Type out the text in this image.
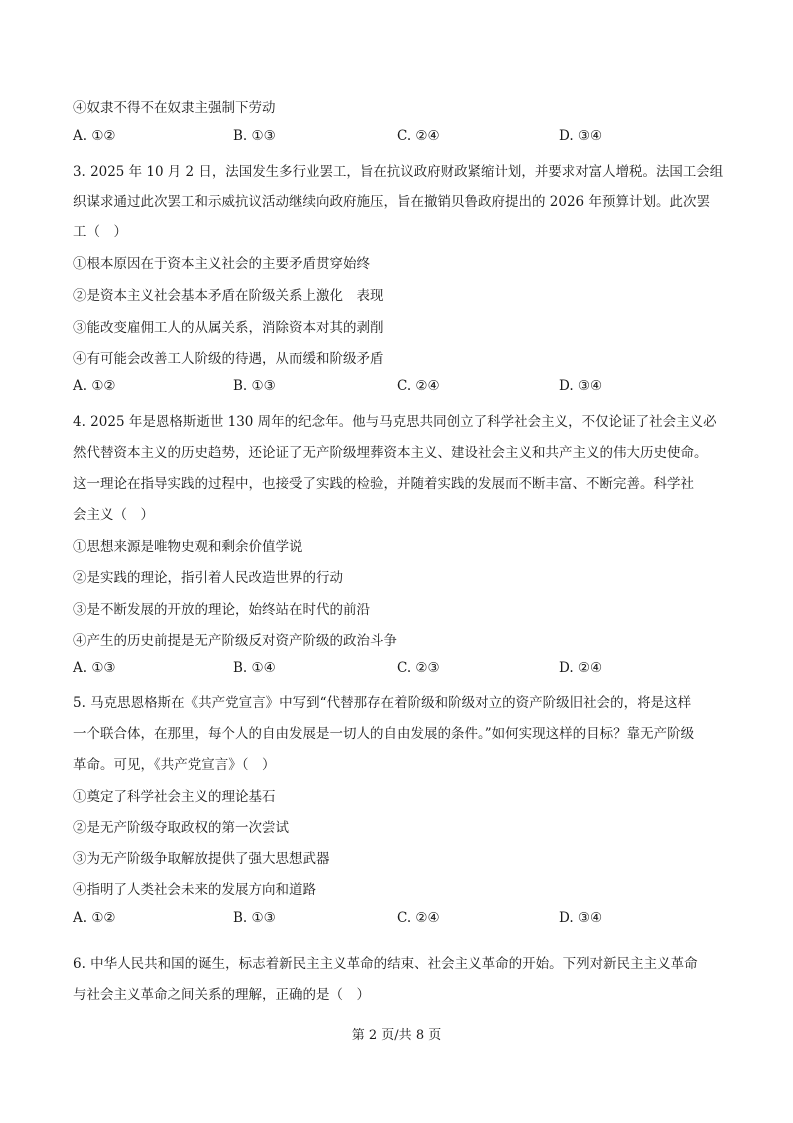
④奴隶不得不在奴隶主强制下劳动
A. ①②	B. ①③	C. ②④	D. ③④
3. 2025 年 10 月 2 日，法国发生多行业罢工，旨在抗议政府财政紧缩计划，并要求对富人增税。法国工会组
织谋求通过此次罢工和示威抗议活动继续向政府施压，旨在撤销贝鲁政府提出的 2026 年预算计划。此次罢
工（　）
①根本原因在于资本主义社会的主要矛盾贯穿始终
②是资本主义社会基本矛盾在阶级关系上激化　表现
③能改变雇佣工人的从属关系，消除资本对其的剥削
④有可能会改善工人阶级的待遇，从而缓和阶级矛盾
A. ①②	B. ①③	C. ②④	D. ③④
4. 2025 年是恩格斯逝世 130 周年的纪念年。他与马克思共同创立了科学社会主义，不仅论证了社会主义必
然代替资本主义的历史趋势，还论证了无产阶级埋葬资本主义、建设社会主义和共产主义的伟大历史使命。
这一理论在指导实践的过程中，也接受了实践的检验，并随着实践的发展而不断丰富、不断完善。科学社
会主义（　）
①思想来源是唯物史观和剩余价值学说
②是实践的理论，指引着人民改造世界的行动
③是不断发展的开放的理论，始终站在时代的前沿
④产生的历史前提是无产阶级反对资产阶级的政治斗争
A. ①③	B. ①④	C. ②③	D. ②④
5. 马克思恩格斯在《共产党宣言》中写到“代替那存在着阶级和阶级对立的资产阶级旧社会的，将是这样
一个联合体，在那里，每个人的自由发展是一切人的自由发展的条件。”如何实现这样的目标？靠无产阶级
革命。可见，《共产党宣言》（　）
①奠定了科学社会主义的理论基石
②是无产阶级夺取政权的第一次尝试
③为无产阶级争取解放提供了强大思想武器
④指明了人类社会未来的发展方向和道路
A. ①②	B. ①③	C. ②④	D. ③④
6. 中华人民共和国的诞生，标志着新民主主义革命的结束、社会主义革命的开始。下列对新民主主义革命
与社会主义革命之间关系的理解，正确的是（　）
第 2 页/共 8 页
